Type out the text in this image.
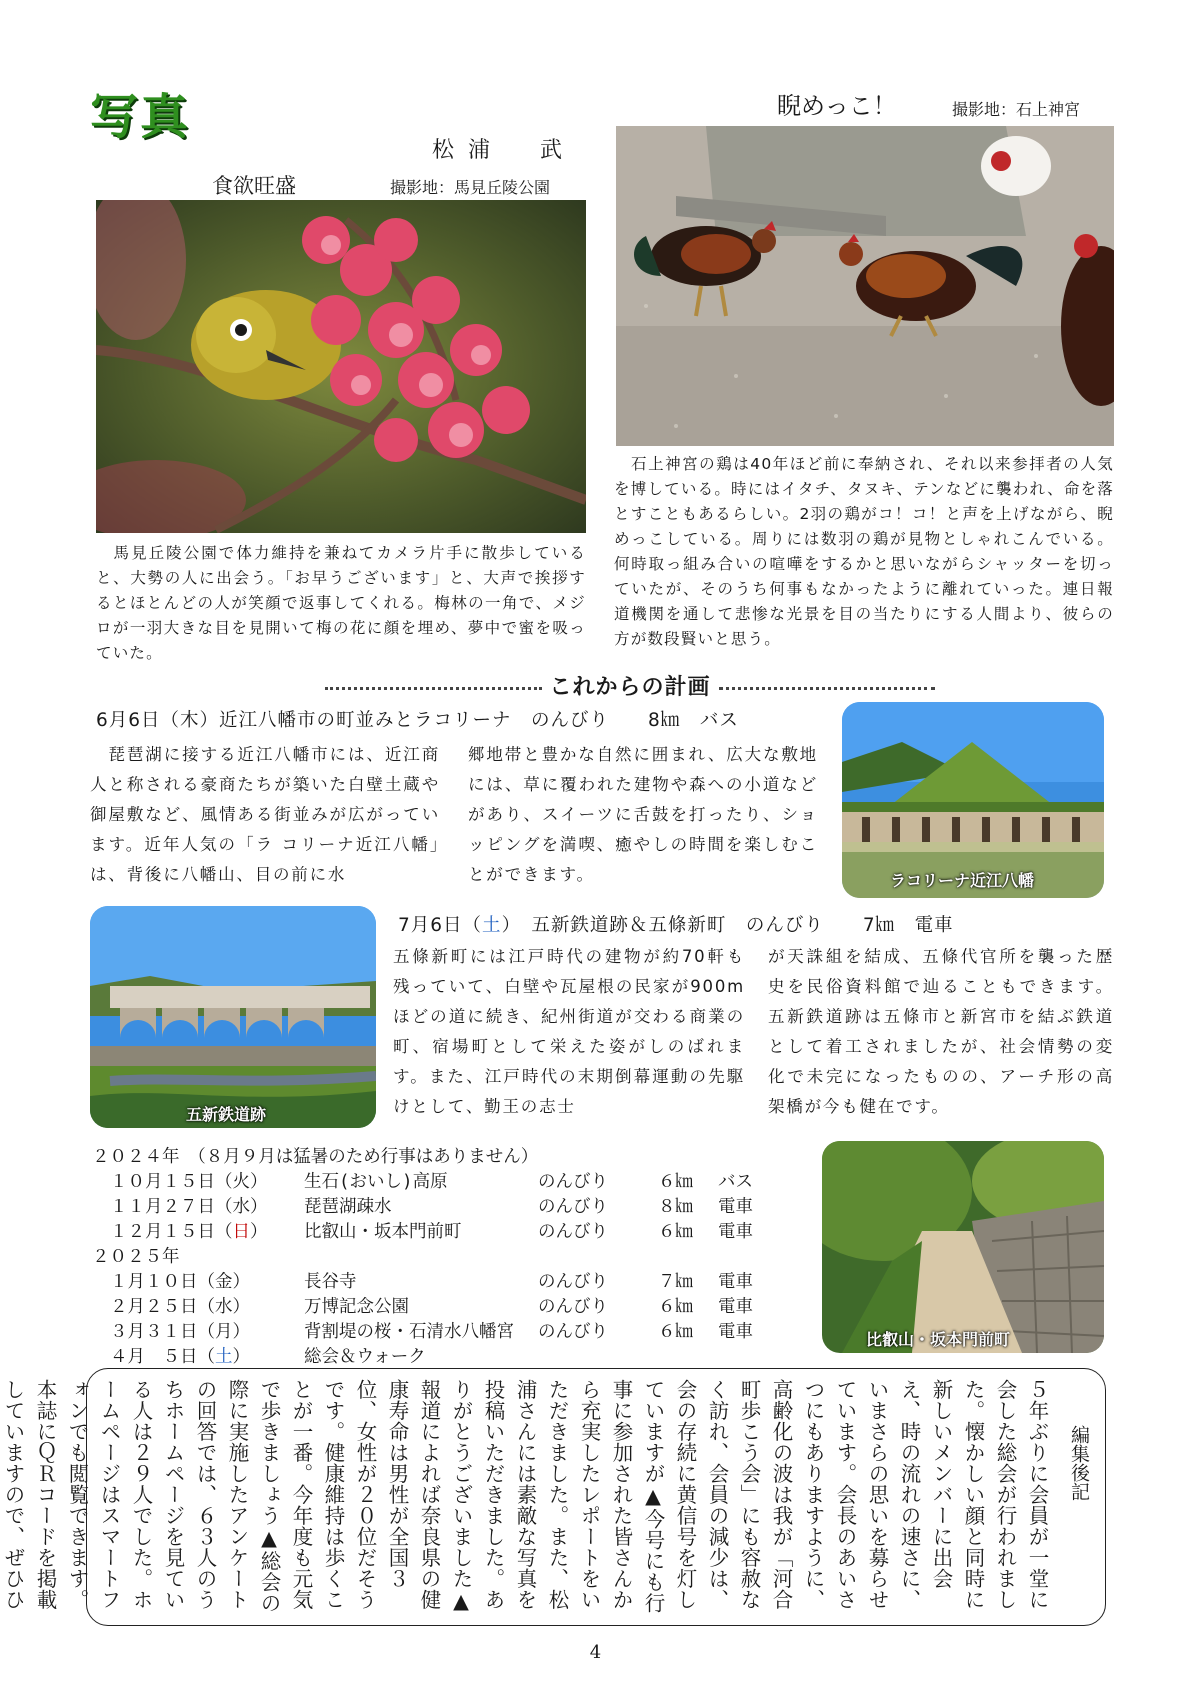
写真
松浦　武
食欲旺盛	撮影地：馬見丘陵公園
　馬見丘陵公園で体力維持を兼ねてカメラ片手に散歩していると、大勢の人に出会う。「お早うございます」と、大声で挨拶するとほとんどの人が笑顔で返事してくれる。梅林の一角で、メジロが一羽大きな目を見開いて梅の花に顔を埋め、夢中で蜜を吸っていた。
睨めっこ！	撮影地：石上神宮
　石上神宮の鶏は40年ほど前に奉納され、それ以来参拝者の人気を博している。時にはイタチ、タヌキ、テンなどに襲われ、命を落とすこともあるらしい。2羽の鶏がコ！コ！と声を上げながら、睨めっこしている。周りには数羽の鶏が見物としゃれこんでいる。何時取っ組み合いの喧嘩をするかと思いながらシャッターを切っていたが、そのうち何事もなかったように離れていった。連日報道機関を通して悲惨な光景を目の当たりにする人間より、彼らの方が数段賢いと思う。
これからの計画
6月6日（木）近江八幡市の町並みとラコリーナ　のんびり　　8㎞　バス
　琵琶湖に接する近江八幡市には、近江商人と称される豪商たちが築いた白壁土蔵や御屋敷など、風情ある街並みが広がっています。近年人気の「ラ コリーナ近江八幡」は、背後に八幡山、目の前に水
郷地帯と豊かな自然に囲まれ、広大な敷地には、草に覆われた建物や森への小道などがあり、スイーツに舌鼓を打ったり、ショッピングを満喫、癒やしの時間を楽しむことができます。	ラコリーナ近江八幡
五新鉄道跡
7月6日（土）　五新鉄道跡＆五條新町　のんびり　　7㎞　電車
五條新町には江戸時代の建物が約70軒も残っていて、白壁や瓦屋根の民家が900mほどの道に続き、紀州街道が交わる商業の町、宿場町として栄えた姿がしのばれます。また、江戸時代の末期倒幕運動の先駆けとして、勤王の志士
が天誅組を結成、五條代官所を襲った歴史を民俗資料館で辿ることもできます。五新鉄道跡は五條市と新宮市を結ぶ鉄道として着工されましたが、社会情勢の変化で未完になったものの、アーチ形の高架橋が今も健在です。
２０２４年　（８月９月は猛暑のため行事はありません）
１０月１５日（火） 生石(おいし)高原	のんびり	６㎞ バス
１１月２７日（水） 琵琶湖疎水	のんびり	８㎞ 電車
１２月１５日（日） 比叡山・坂本門前町	のんびり	６㎞ 電車
２０２５年
１月１０日（金）	長谷寺	のんびり	７㎞ 電車
２月２５日（水）	万博記念公園	のんびり	６㎞ 電車
３月３１日（月）	背割堤の桜・石清水八幡宮 のんびり	６㎞ 電車
４月　５日（土）	総会＆ウォーク
比叡山・坂本門前町
編集後記
５年ぶりに会員が一堂に会した総会が行われました。懐かしい顔と同時に新しいメンバーに出会え、時の流れの速さに、いまさらの思いを募らせています。会長のあいさつにもありますように、高齢化の波は我が「河合町歩こう会」にも容赦なく訪れ、会員の減少は、会の存続に黄信号を灯していますが▲今号にも行事に参加された皆さんから充実したレポートをいただきました。また、松浦さんには素敵な写真を投稿いただきました。ありがとうございました▲報道によれば奈良県の健康寿命は男性が全国３位、女性が２０位だそうです。健康維持は歩くことが一番。今年度も元気で歩きましょう▲総会の際に実施したアンケートの回答では、６３人のうちホームページを見ている人は２９人でした。ホームページはスマートフォンでも閲覧できます。本誌にＱＲコードを掲載していますので、ぜひひ
4
